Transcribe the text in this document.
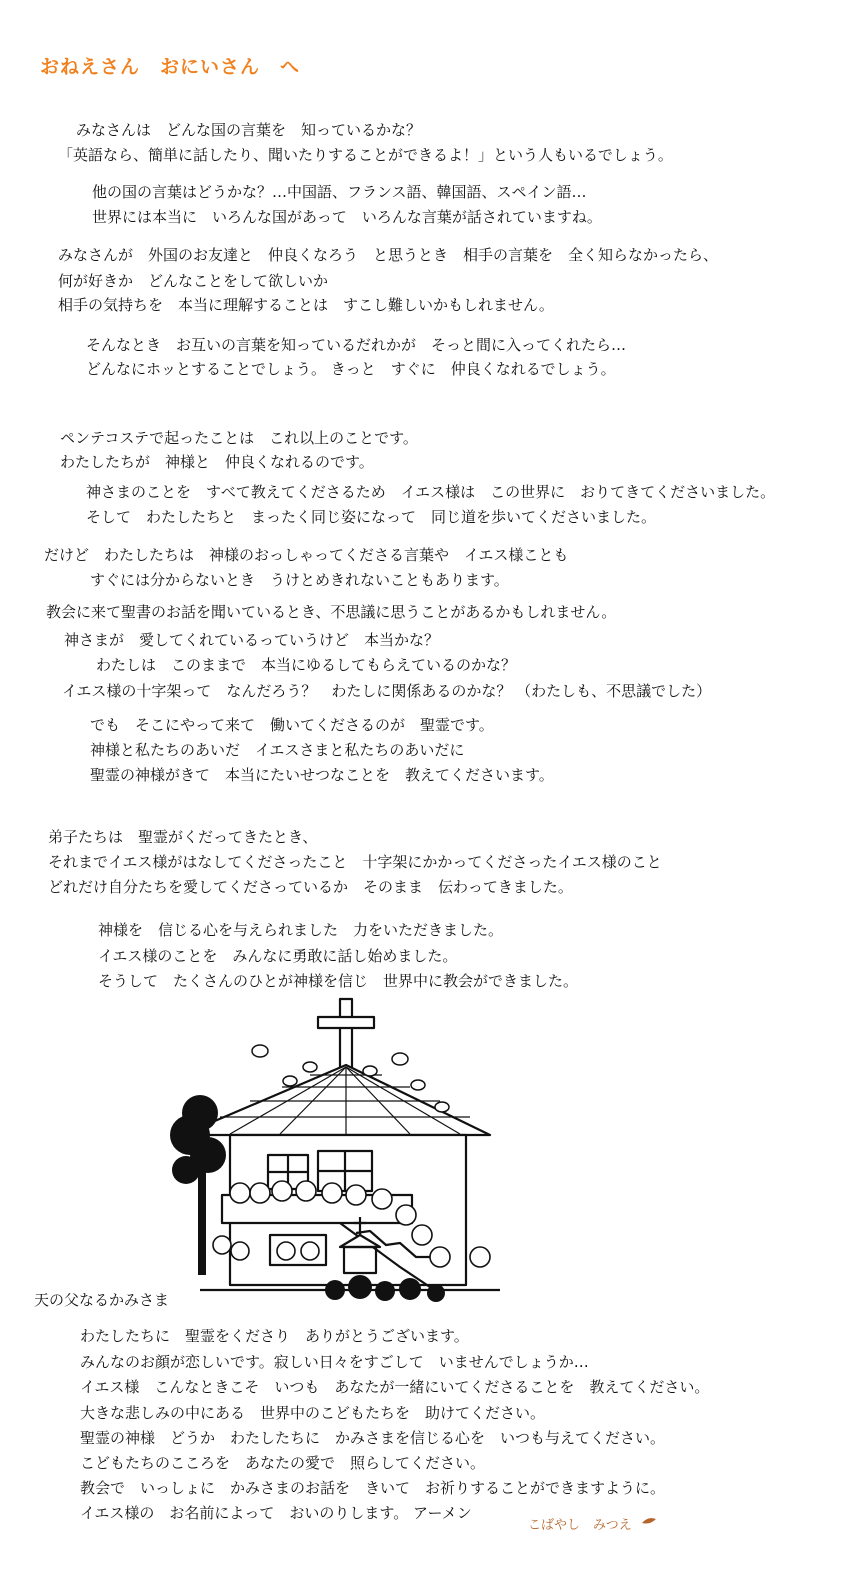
おねえさん　おにいさん　へ
みなさんは　どんな国の言葉を　知っているかな？
「英語なら、簡単に話したり、聞いたりすることができるよ！」という人もいるでしょう。
他の国の言葉はどうかな？…中国語、フランス語、韓国語、スペイン語…
世界には本当に　いろんな国があって　いろんな言葉が話されていますね。
みなさんが　外国のお友達と　仲良くなろう　と思うとき　相手の言葉を　全く知らなかったら、
何が好きか　どんなことをして欲しいか
相手の気持ちを　本当に理解することは　すこし難しいかもしれません。
そんなとき　お互いの言葉を知っているだれかが　そっと間に入ってくれたら…
どんなにホッとすることでしょう。 きっと　すぐに　仲良くなれるでしょう。
ペンテコステで起ったことは　これ以上のことです。
わたしたちが　神様と　仲良くなれるのです。
神さまのことを　すべて教えてくださるため　イエス様は　この世界に　おりてきてくださいました。
そして　わたしたちと　まったく同じ姿になって　同じ道を歩いてくださいました。
だけど　わたしたちは　神様のおっしゃってくださる言葉や　イエス様ことも
すぐには分からないとき　うけとめきれないこともあります。
教会に来て聖書のお話を聞いているとき、不思議に思うことがあるかもしれません。
神さまが　愛してくれているっていうけど　本当かな？
わたしは　このままで　本当にゆるしてもらえているのかな？
イエス様の十字架って　なんだろう？　わたしに関係あるのかな？ （わたしも、不思議でした）
でも　そこにやって来て　働いてくださるのが　聖霊です。
神様と私たちのあいだ　イエスさまと私たちのあいだに
聖霊の神様がきて　本当にたいせつなことを　教えてくださいます。
弟子たちは　聖霊がくだってきたとき、
それまでイエス様がはなしてくださったこと　十字架にかかってくださったイエス様のこと
どれだけ自分たちを愛してくださっているか　そのまま　伝わってきました。
神様を　信じる心を与えられました　力をいただきました。
イエス様のことを　みんなに勇敢に話し始めました。
そうして　たくさんのひとが神様を信じ　世界中に教会ができました。
天の父なるかみさま
わたしたちに　聖霊をくださり　ありがとうございます。
みんなのお顔が恋しいです。寂しい日々をすごして　いませんでしょうか…
イエス様　こんなときこそ　いつも　あなたが一緒にいてくださることを　教えてください。
大きな悲しみの中にある　世界中のこどもたちを　助けてください。
聖霊の神様　どうか　わたしたちに　かみさまを信じる心を　いつも与えてください。
こどもたちのこころを　あなたの愛で　照らしてください。
教会で　いっしょに　かみさまのお話を　きいて　お祈りすることができますように。
イエス様の　お名前によって　おいのりします。 アーメン
こばやし　みつえ
